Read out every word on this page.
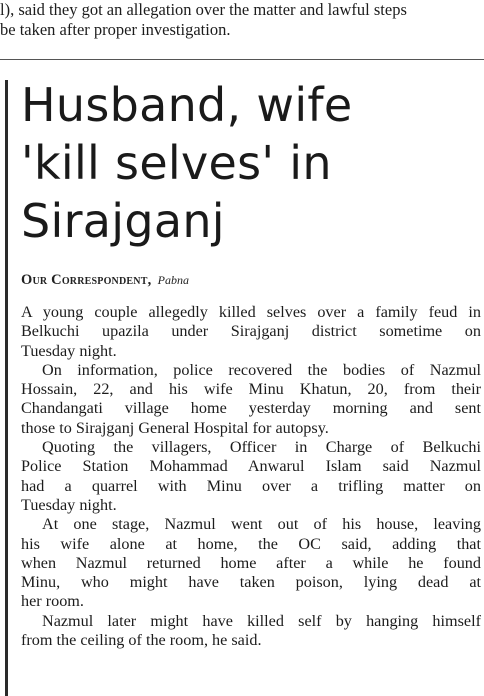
l), said they got an allegation over the matter and lawful steps
be taken after proper investigation.
Husband, wife
'kill selves' in
Sirajganj
Our Correspondent, Pabna
A young couple allegedly killed selves over a family feud in
Belkuchi upazila under Sirajganj district sometime on
Tuesday night.
On information, police recovered the bodies of Nazmul
Hossain, 22, and his wife Minu Khatun, 20, from their
Chandangati village home yesterday morning and sent
those to Sirajganj General Hospital for autopsy.
Quoting the villagers, Officer in Charge of Belkuchi
Police Station Mohammad Anwarul Islam said Nazmul
had a quarrel with Minu over a trifling matter on
Tuesday night.
At one stage, Nazmul went out of his house, leaving
his wife alone at home, the OC said, adding that
when Nazmul returned home after a while he found
Minu, who might have taken poison, lying dead at
her room.
Nazmul later might have killed self by hanging himself
from the ceiling of the room, he said.
